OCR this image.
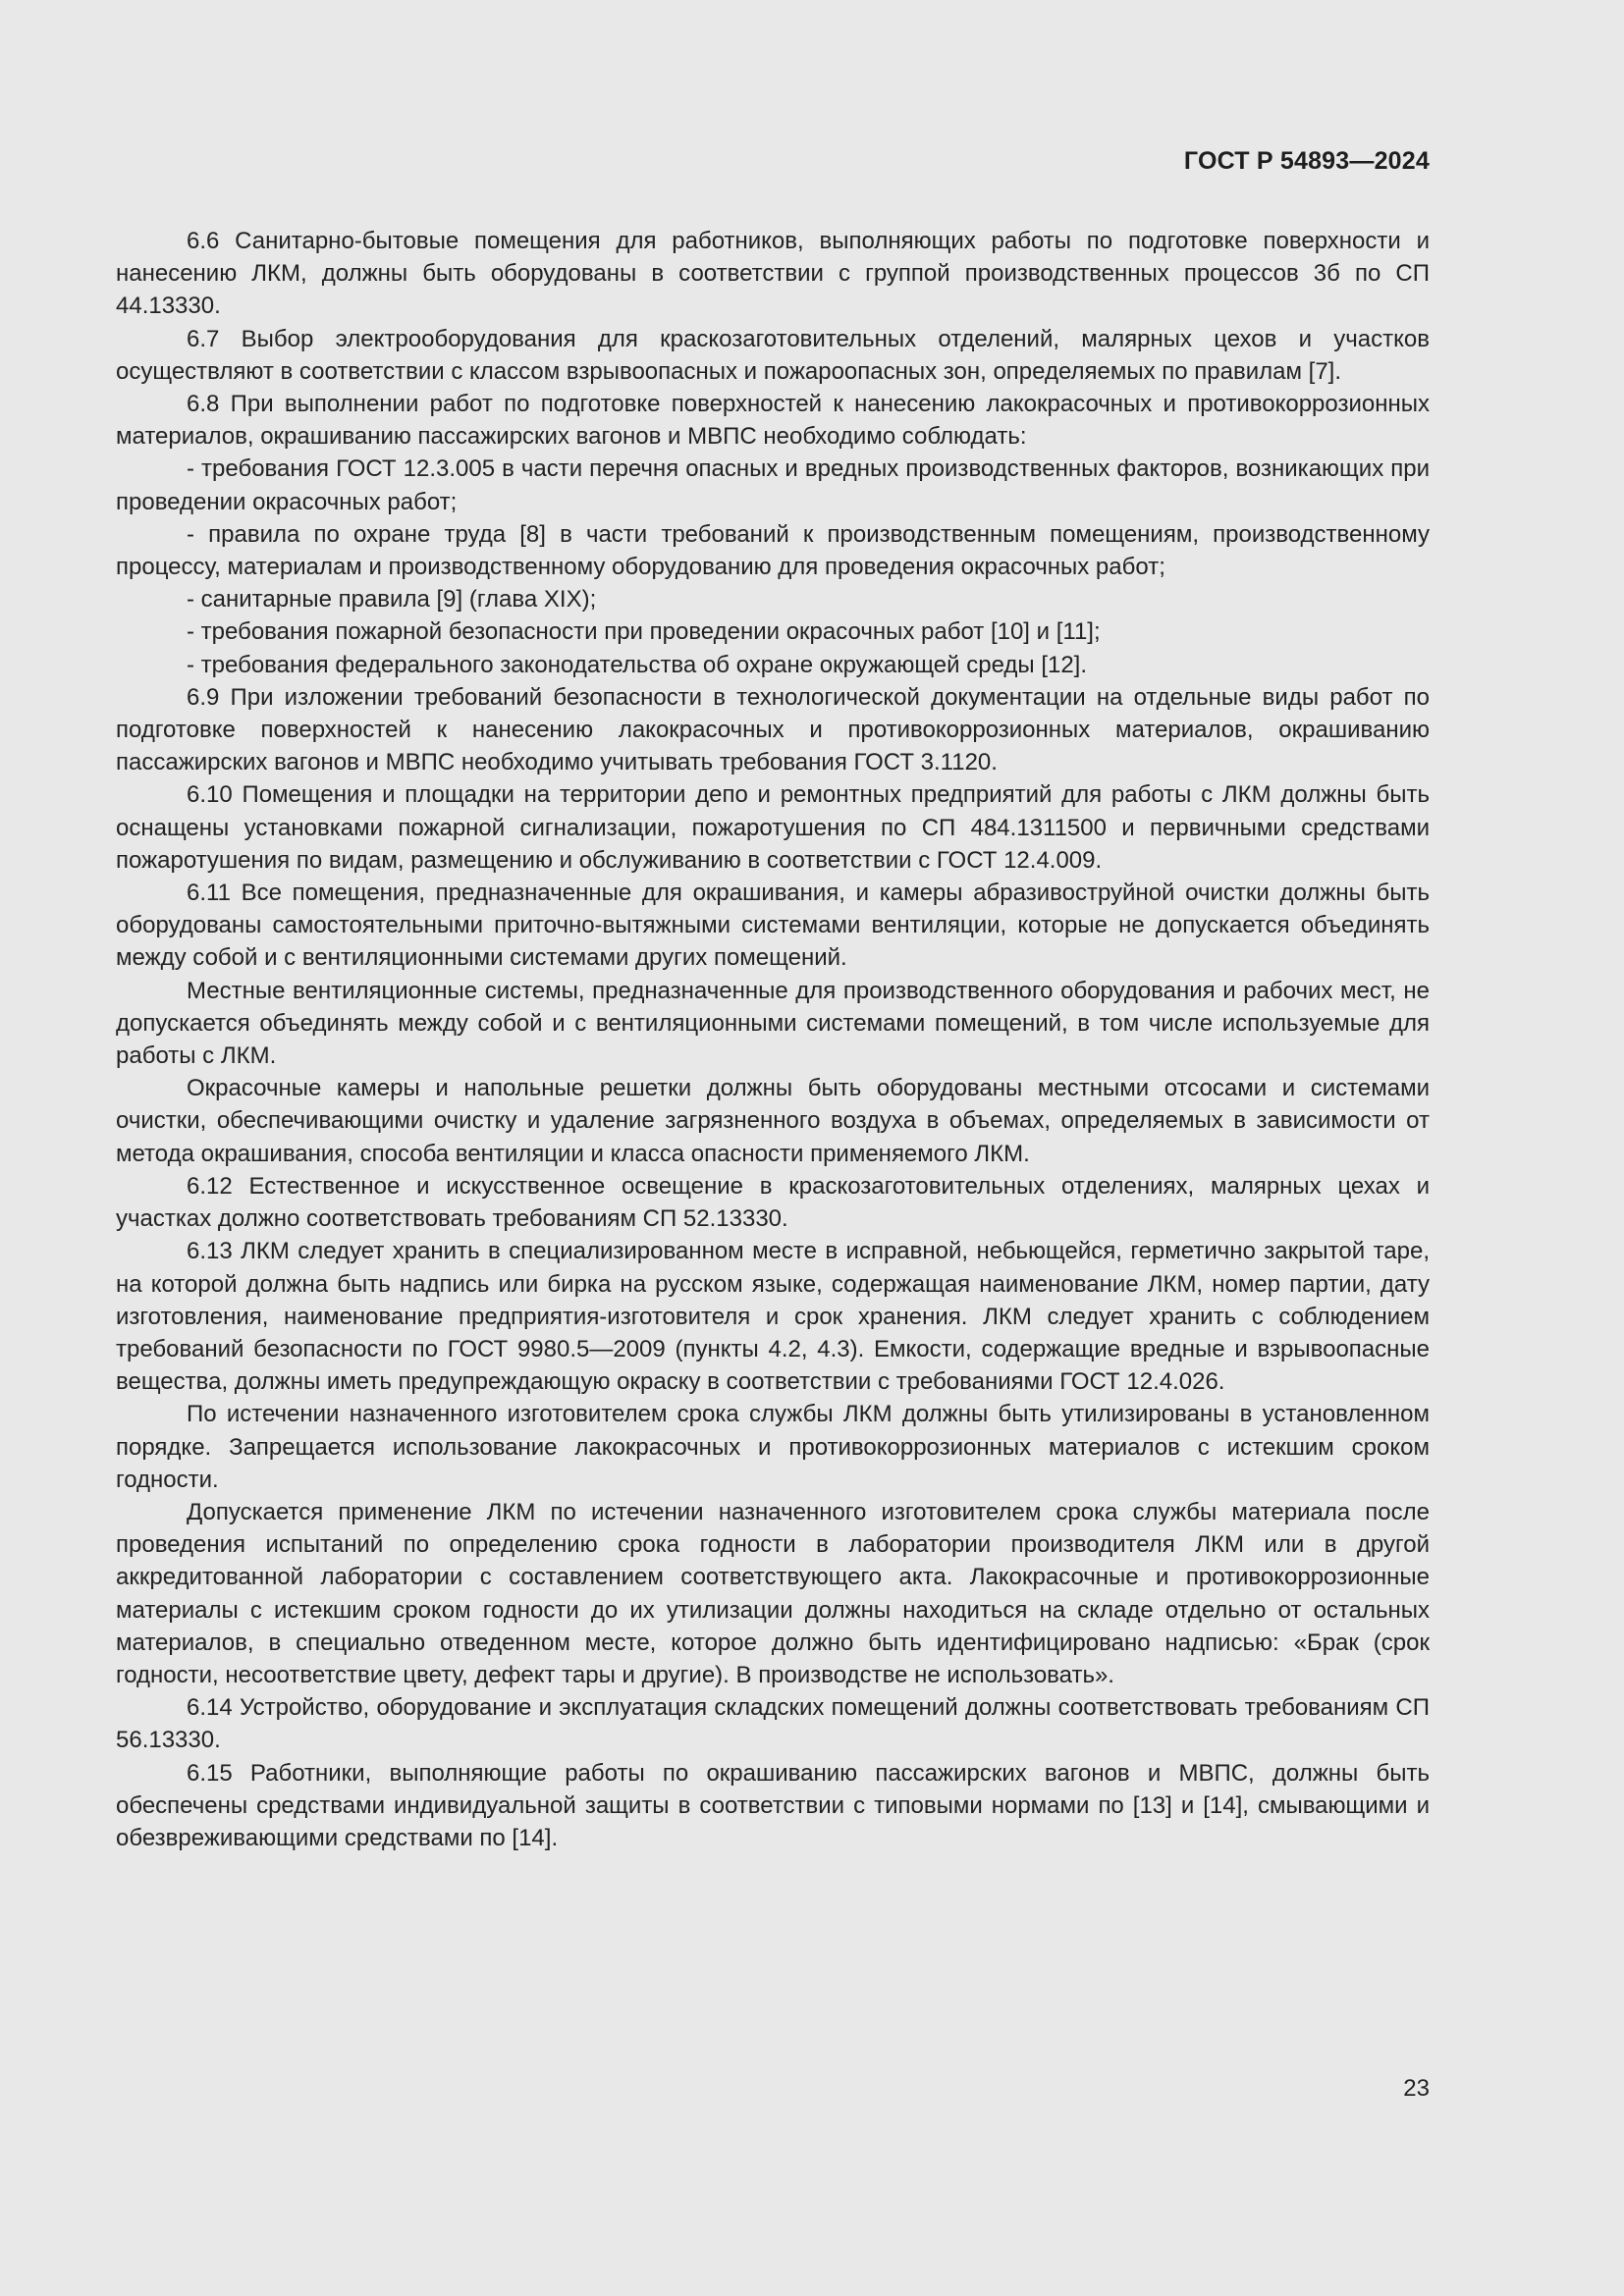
ГОСТ Р 54893—2024

6.6 Санитарно-бытовые помещения для работников, выполняющих работы по подготовке поверхности и нанесению ЛКМ, должны быть оборудованы в соответствии с группой производственных процессов 3б по СП 44.13330.

6.7 Выбор электрооборудования для краскозаготовительных отделений, малярных цехов и участков осуществляют в соответствии с классом взрывоопасных и пожароопасных зон, определяемых по правилам [7].

6.8 При выполнении работ по подготовке поверхностей к нанесению лакокрасочных и противокоррозионных материалов, окрашиванию пассажирских вагонов и МВПС необходимо соблюдать:

- требования ГОСТ 12.3.005 в части перечня опасных и вредных производственных факторов, возникающих при проведении окрасочных работ;

- правила по охране труда [8] в части требований к производственным помещениям, производственному процессу, материалам и производственному оборудованию для проведения окрасочных работ;

- санитарные правила [9] (глава XIX);

- требования пожарной безопасности при проведении окрасочных работ [10] и [11];

- требования федерального законодательства об охране окружающей среды [12].

6.9 При изложении требований безопасности в технологической документации на отдельные виды работ по подготовке поверхностей к нанесению лакокрасочных и противокоррозионных материалов, окрашиванию пассажирских вагонов и МВПС необходимо учитывать требования ГОСТ 3.1120.

6.10 Помещения и площадки на территории депо и ремонтных предприятий для работы с ЛКМ должны быть оснащены установками пожарной сигнализации, пожаротушения по СП 484.1311500 и первичными средствами пожаротушения по видам, размещению и обслуживанию в соответствии с ГОСТ 12.4.009.

6.11 Все помещения, предназначенные для окрашивания, и камеры абразивоструйной очистки должны быть оборудованы самостоятельными приточно-вытяжными системами вентиляции, которые не допускается объединять между собой и с вентиляционными системами других помещений.

Местные вентиляционные системы, предназначенные для производственного оборудования и рабочих мест, не допускается объединять между собой и с вентиляционными системами помещений, в том числе используемые для работы с ЛКМ.

Окрасочные камеры и напольные решетки должны быть оборудованы местными отсосами и системами очистки, обеспечивающими очистку и удаление загрязненного воздуха в объемах, определяемых в зависимости от метода окрашивания, способа вентиляции и класса опасности применяемого ЛКМ.

6.12 Естественное и искусственное освещение в краскозаготовительных отделениях, малярных цехах и участках должно соответствовать требованиям СП 52.13330.

6.13 ЛКМ следует хранить в специализированном месте в исправной, небьющейся, герметично закрытой таре, на которой должна быть надпись или бирка на русском языке, содержащая наименование ЛКМ, номер партии, дату изготовления, наименование предприятия-изготовителя и срок хранения. ЛКМ следует хранить с соблюдением требований безопасности по ГОСТ 9980.5—2009 (пункты 4.2, 4.3). Емкости, содержащие вредные и взрывоопасные вещества, должны иметь предупреждающую окраску в соответствии с требованиями ГОСТ 12.4.026.

По истечении назначенного изготовителем срока службы ЛКМ должны быть утилизированы в установленном порядке. Запрещается использование лакокрасочных и противокоррозионных материалов с истекшим сроком годности.

Допускается применение ЛКМ по истечении назначенного изготовителем срока службы материала после проведения испытаний по определению срока годности в лаборатории производителя ЛКМ или в другой аккредитованной лаборатории с составлением соответствующего акта. Лакокрасочные и противокоррозионные материалы с истекшим сроком годности до их утилизации должны находиться на складе отдельно от остальных материалов, в специально отведенном месте, которое должно быть идентифицировано надписью: «Брак (срок годности, несоответствие цвету, дефект тары и другие). В производстве не использовать».

6.14 Устройство, оборудование и эксплуатация складских помещений должны соответствовать требованиям СП 56.13330.

6.15 Работники, выполняющие работы по окрашиванию пассажирских вагонов и МВПС, должны быть обеспечены средствами индивидуальной защиты в соответствии с типовыми нормами по [13] и [14], смывающими и обезвреживающими средствами по [14].

23
